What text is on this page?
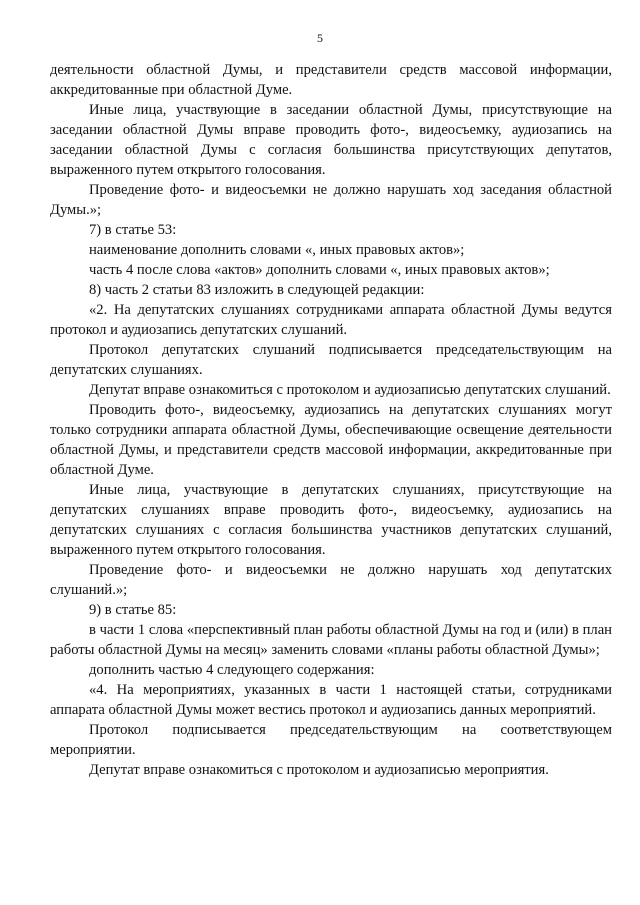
5

деятельности областной Думы, и представители средств массовой информации, аккредитованные при областной Думе.

Иные лица, участвующие в заседании областной Думы, присутствующие на заседании областной Думы вправе проводить фото-, видеосъемку, аудиозапись на заседании областной Думы с согласия большинства присутствующих депутатов, выраженного путем открытого голосования.

Проведение фото- и видеосъемки не должно нарушать ход заседания областной Думы.»;

7) в статье 53:

наименование дополнить словами «, иных правовых актов»;

часть 4 после слова «актов» дополнить словами «, иных правовых актов»;

8) часть 2 статьи 83 изложить в следующей редакции:

«2. На депутатских слушаниях сотрудниками аппарата областной Думы ведутся протокол и аудиозапись депутатских слушаний.

Протокол депутатских слушаний подписывается председательствующим на депутатских слушаниях.

Депутат вправе ознакомиться с протоколом и аудиозаписью депутатских слушаний.

Проводить фото-, видеосъемку, аудиозапись на депутатских слушаниях могут только сотрудники аппарата областной Думы, обеспечивающие освещение деятельности областной Думы, и представители средств массовой информации, аккредитованные при областной Думе.

Иные лица, участвующие в депутатских слушаниях, присутствующие на депутатских слушаниях вправе проводить фото-, видеосъемку, аудиозапись на депутатских слушаниях с согласия большинства участников депутатских слушаний, выраженного путем открытого голосования.

Проведение фото- и видеосъемки не должно нарушать ход депутатских слушаний.»;

9) в статье 85:

в части 1 слова «перспективный план работы областной Думы на год и (или) в план работы областной Думы на месяц» заменить словами «планы работы областной Думы»;

дополнить частью 4 следующего содержания:

«4. На мероприятиях, указанных в части 1 настоящей статьи, сотрудниками аппарата областной Думы может вестись протокол и аудиозапись данных мероприятий.

Протокол подписывается председательствующим на соответствующем мероприятии.

Депутат вправе ознакомиться с протоколом и аудиозаписью мероприятия.
